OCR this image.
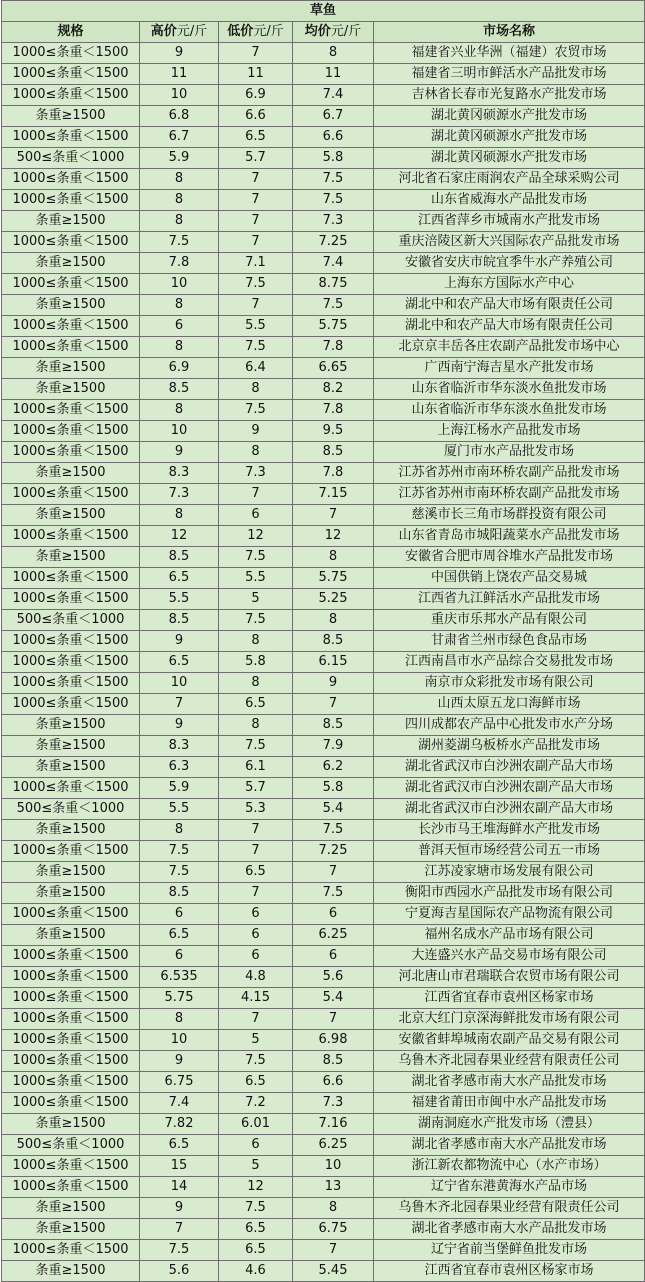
草鱼				
规格	高价元/斤	低价元/斤	均价元/斤	市场名称
1000≤条重＜1500	9	7	8	福建省兴业华洲（福建）农贸市场
1000≤条重＜1500	11	11	11	福建省三明市鲜活水产品批发市场
1000≤条重＜1500	10	6.9	7.4	吉林省长春市光复路水产批发市场
条重≥1500	6.8	6.6	6.7	湖北黄冈硕源水产批发市场
1000≤条重＜1500	6.7	6.5	6.6	湖北黄冈硕源水产批发市场
500≤条重＜1000	5.9	5.7	5.8	湖北黄冈硕源水产批发市场
1000≤条重＜1500	8	7	7.5	河北省石家庄雨润农产品全球采购公司
1000≤条重＜1500	8	7	7.5	山东省威海水产品批发市场
条重≥1500	8	7	7.3	江西省萍乡市城南水产批发市场
1000≤条重＜1500	7.5	7	7.25	重庆涪陵区新大兴国际农产品批发市场
条重≥1500	7.8	7.1	7.4	安徽省安庆市皖宜季牛水产养殖公司
1000≤条重＜1500	10	7.5	8.75	上海东方国际水产中心
条重≥1500	8	7	7.5	湖北中和农产品大市场有限责任公司
1000≤条重＜1500	6	5.5	5.75	湖北中和农产品大市场有限责任公司
1000≤条重＜1500	8	7.5	7.8	北京京丰岳各庄农副产品批发市场中心
条重≥1500	6.9	6.4	6.65	广西南宁海吉星水产批发市场
条重≥1500	8.5	8	8.2	山东省临沂市华东淡水鱼批发市场
1000≤条重＜1500	8	7.5	7.8	山东省临沂市华东淡水鱼批发市场
1000≤条重＜1500	10	9	9.5	上海江杨水产品批发市场
1000≤条重＜1500	9	8	8.5	厦门市水产品批发市场
条重≥1500	8.3	7.3	7.8	江苏省苏州市南环桥农副产品批发市场
1000≤条重＜1500	7.3	7	7.15	江苏省苏州市南环桥农副产品批发市场
条重≥1500	8	6	7	慈溪市长三角市场群投资有限公司
1000≤条重＜1500	12	12	12	山东省青岛市城阳蔬菜水产品批发市场
条重≥1500	8.5	7.5	8	安徽省合肥市周谷堆水产品批发市场
1000≤条重＜1500	6.5	5.5	5.75	中国供销上饶农产品交易城
1000≤条重＜1500	5.5	5	5.25	江西省九江鲜活水产品批发市场
500≤条重＜1000	8.5	7.5	8	重庆市乐邦水产品有限公司
1000≤条重＜1500	9	8	8.5	甘肃省兰州市绿色食品市场
1000≤条重＜1500	6.5	5.8	6.15	江西南昌市水产品综合交易批发市场
1000≤条重＜1500	10	8	9	南京市众彩批发市场有限公司
1000≤条重＜1500	7	6.5	7	山西太原五龙口海鲜市场
条重≥1500	9	8	8.5	四川成都农产品中心批发市水产分场
条重≥1500	8.3	7.5	7.9	湖州菱湖乌板桥水产品批发市场
条重≥1500	6.3	6.1	6.2	湖北省武汉市白沙洲农副产品大市场
1000≤条重＜1500	5.9	5.7	5.8	湖北省武汉市白沙洲农副产品大市场
500≤条重＜1000	5.5	5.3	5.4	湖北省武汉市白沙洲农副产品大市场
条重≥1500	8	7	7.5	长沙市马王堆海鲜水产批发市场
1000≤条重＜1500	7.5	7	7.25	普洱天恒市场经营公司五一市场
条重≥1500	7.5	6.5	7	江苏凌家塘市场发展有限公司
条重≥1500	8.5	7	7.5	衡阳市西园水产品批发市场有限公司
1000≤条重＜1500	6	6	6	宁夏海吉星国际农产品物流有限公司
条重≥1500	6.5	6	6.25	福州名成水产品市场有限公司
1000≤条重＜1500	6	6	6	大连盛兴水产品交易市场有限公司
1000≤条重＜1500	6.535	4.8	5.6	河北唐山市君瑞联合农贸市场有限公司
1000≤条重＜1500	5.75	4.15	5.4	江西省宜春市袁州区杨家市场
1000≤条重＜1500	8	7	7	北京大红门京深海鲜批发市场有限公司
1000≤条重＜1500	10	5	6.98	安徽省蚌埠城南农副产品交易有限公司
1000≤条重＜1500	9	7.5	8.5	乌鲁木齐北园春果业经营有限责任公司
1000≤条重＜1500	6.75	6.5	6.6	湖北省孝感市南大水产品批发市场
1000≤条重＜1500	7.4	7.2	7.3	福建省莆田市闽中水产品批发市场
条重≥1500	7.82	6.01	7.16	湖南洞庭水产批发市场（澧县）
500≤条重＜1000	6.5	6	6.25	湖北省孝感市南大水产品批发市场
1000≤条重＜1500	15	5	10	浙江新农都物流中心（水产市场）
1000≤条重＜1500	14	12	13	辽宁省东港黄海水产品市场
条重≥1500	9	7.5	8	乌鲁木齐北园春果业经营有限责任公司
条重≥1500	7	6.5	6.75	湖北省孝感市南大水产品批发市场
1000≤条重＜1500	7.5	6.5	7	辽宁省前当堡鲜鱼批发市场
条重≥1500	5.6	4.6	5.45	江西省宜春市袁州区杨家市场
